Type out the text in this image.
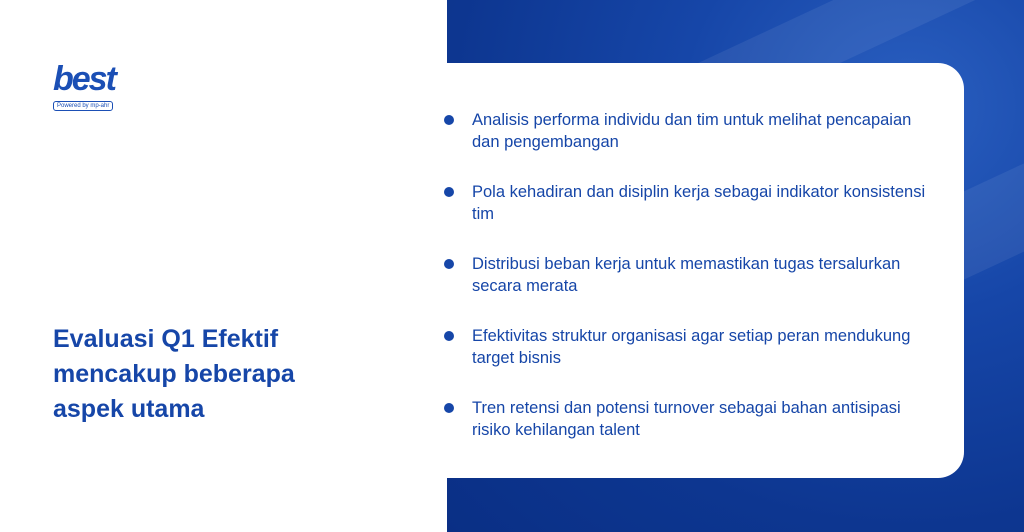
best
Powered by mp-ahr
Evaluasi Q1 Efektif mencakup beberapa aspek utama
Analisis performa individu dan tim untuk melihat pencapaian dan pengembangan
Pola kehadiran dan disiplin kerja sebagai indikator konsistensi tim
Distribusi beban kerja untuk memastikan tugas tersalurkan secara merata
Efektivitas struktur organisasi agar setiap peran mendukung target bisnis
Tren retensi dan potensi turnover sebagai bahan antisipasi risiko kehilangan talent
